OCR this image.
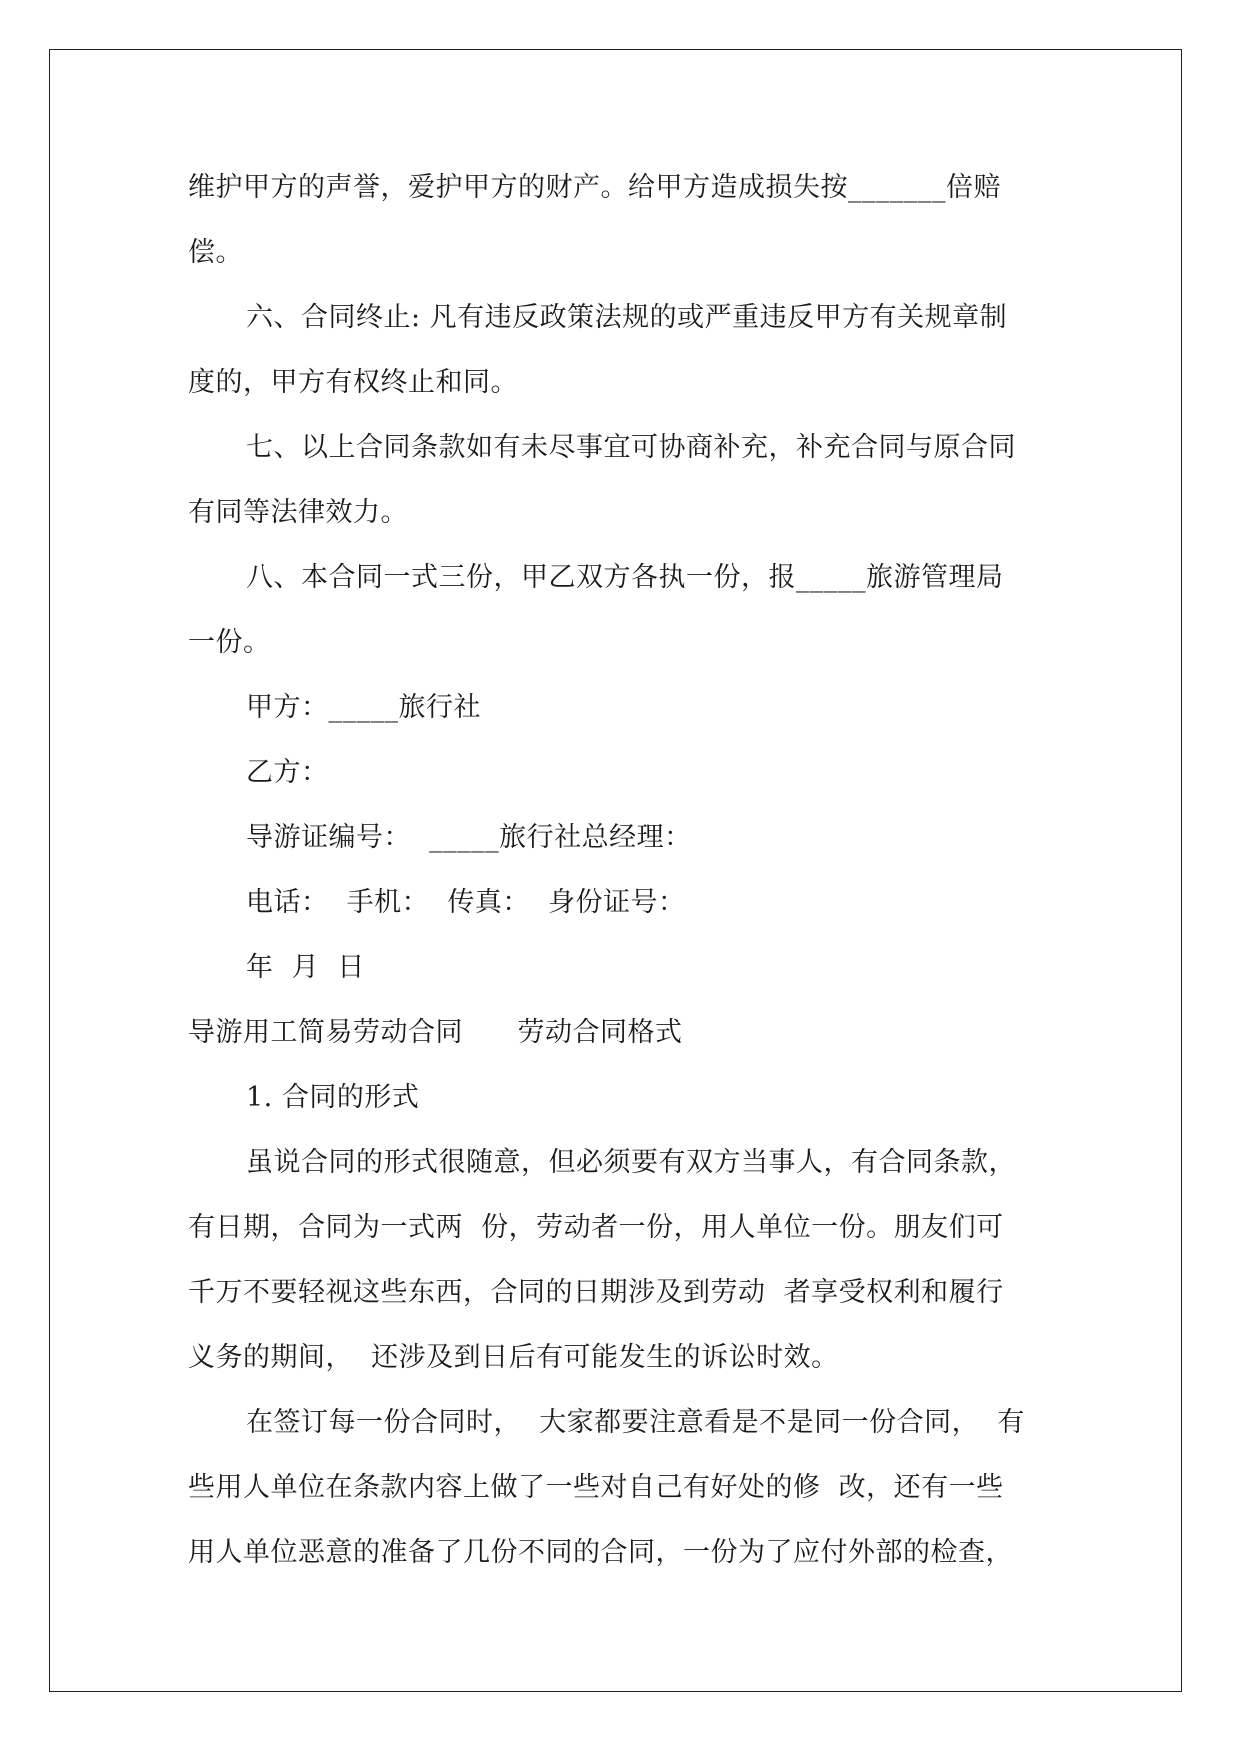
维护甲方的声誉，爱护甲方的财产。给甲方造成损失按_______倍赔
偿。
六、合同终止: 凡有违反政策法规的或严重违反甲方有关规章制
度的，甲方有权终止和同。
七、以上合同条款如有未尽事宜可协商补充，补充合同与原合同
有同等法律效力。
八、本合同一式三份，甲乙双方各执一份，报_____旅游管理局
一份。
甲方：_____旅行社
乙方：
导游证编号：  _____旅行社总经理：
电话：  手机：  传真：  身份证号：
年  月  日
导游用工简易劳动合同      劳动合同格式
1. 合同的形式
虽说合同的形式很随意，但必须要有双方当事人，有合同条款，
有日期，合同为一式两  份，劳动者一份，用人单位一份。朋友们可
千万不要轻视这些东西，合同的日期涉及到劳动  者享受权利和履行
义务的期间，  还涉及到日后有可能发生的诉讼时效。
在签订每一份合同时，  大家都要注意看是不是同一份合同，  有
些用人单位在条款内容上做了一些对自己有好处的修  改，还有一些
用人单位恶意的准备了几份不同的合同，一份为了应付外部的检查，
